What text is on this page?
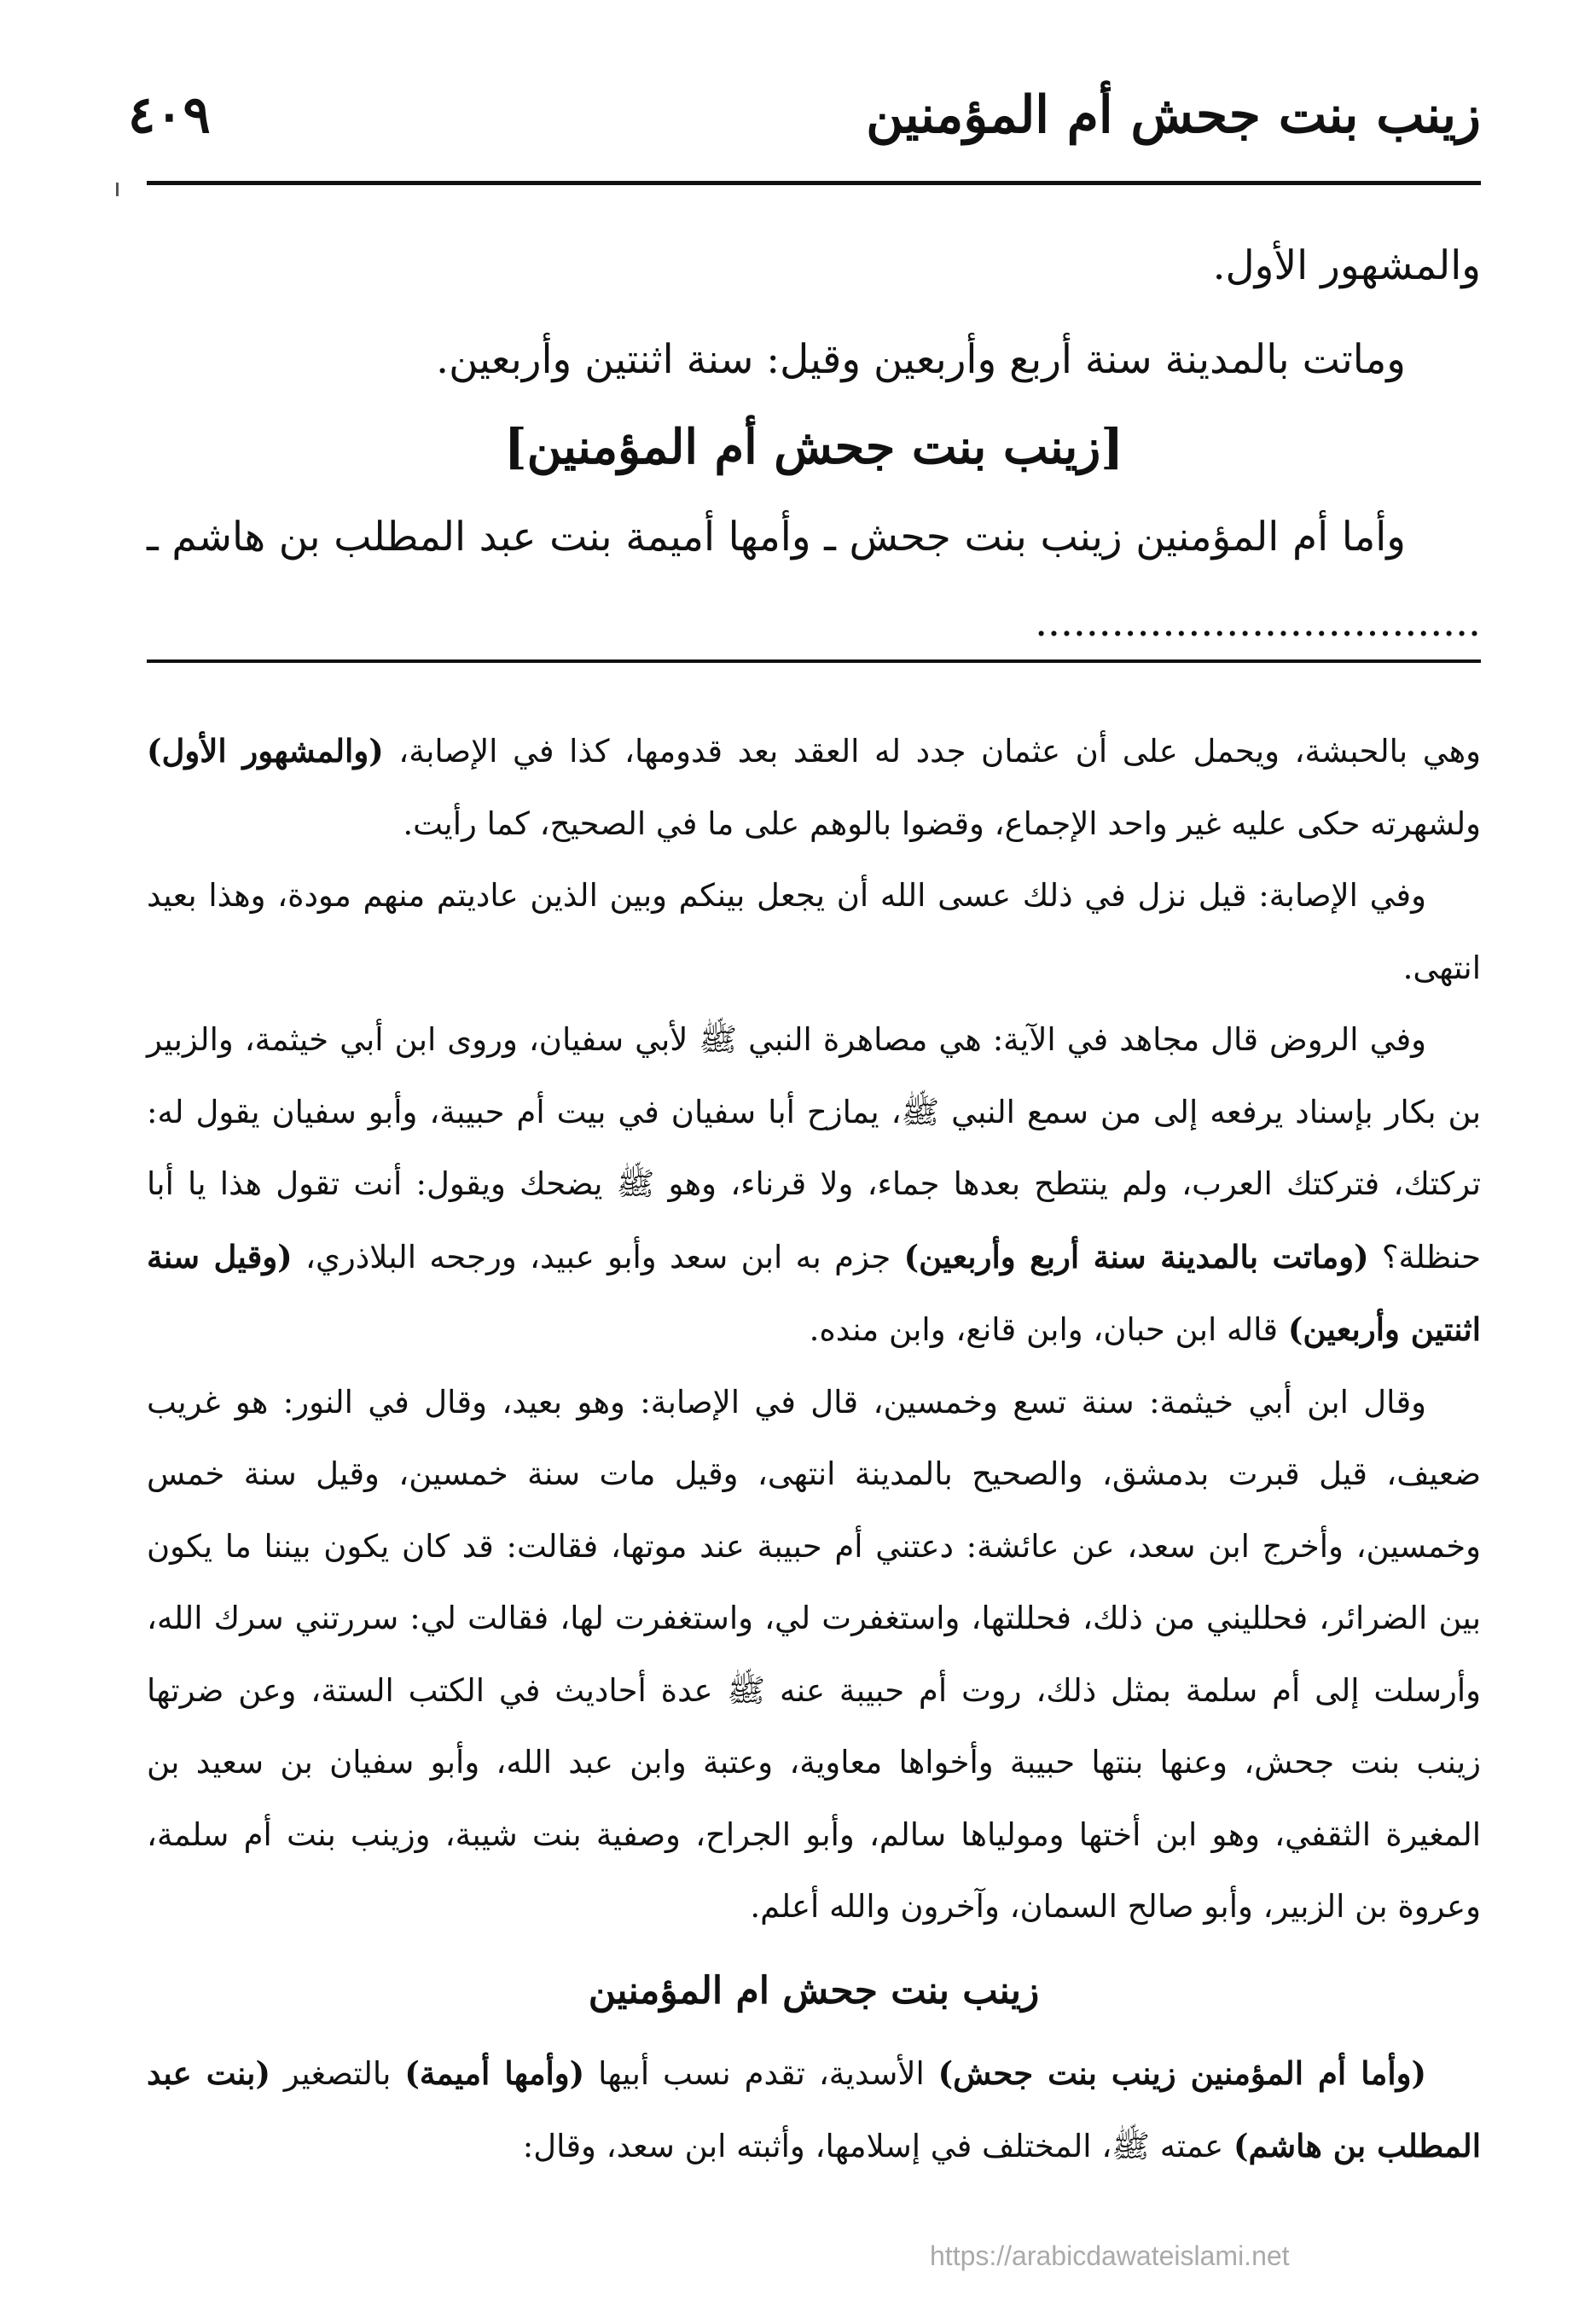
زينب بنت جحش أم المؤمنين
٤٠٩

والمشهور الأول.

وماتت بالمدينة سنة أربع وأربعين وقيل: سنة اثنتين وأربعين.

[زينب بنت جحش أم المؤمنين]

وأما أم المؤمنين زينب بنت جحش ـ وأمها أميمة بنت عبد المطلب بن هاشم ـ ...................................

وهي بالحبشة، ويحمل على أن عثمان جدد له العقد بعد قدومها، كذا في الإصابة، (والمشهور الأول) ولشهرته حكى عليه غير واحد الإجماع، وقضوا بالوهم على ما في الصحيح، كما رأيت.

وفي الإصابة: قيل نزل في ذلك عسى الله أن يجعل بينكم وبين الذين عاديتم منهم مودة، وهذا بعيد انتهى.

وفي الروض قال مجاهد في الآية: هي مصاهرة النبي ﷺ لأبي سفيان، وروى ابن أبي خيثمة، والزبير بن بكار بإسناد يرفعه إلى من سمع النبي ﷺ، يمازح أبا سفيان في بيت أم حبيبة، وأبو سفيان يقول له: تركتك، فتركتك العرب، ولم ينتطح بعدها جماء، ولا قرناء، وهو ﷺ يضحك ويقول: أنت تقول هذا يا أبا حنظلة؟ (وماتت بالمدينة سنة أربع وأربعين) جزم به ابن سعد وأبو عبيد، ورجحه البلاذري، (وقيل سنة اثنتين وأربعين) قاله ابن حبان، وابن قانع، وابن منده.

وقال ابن أبي خيثمة: سنة تسع وخمسين، قال في الإصابة: وهو بعيد، وقال في النور: هو غريب ضعيف، قيل قبرت بدمشق، والصحيح بالمدينة انتهى، وقيل مات سنة خمسين، وقيل سنة خمس وخمسين، وأخرج ابن سعد، عن عائشة: دعتني أم حبيبة عند موتها، فقالت: قد كان يكون بيننا ما يكون بين الضرائر، فحلليني من ذلك، فحللتها، واستغفرت لي، واستغفرت لها، فقالت لي: سررتني سرك الله، وأرسلت إلى أم سلمة بمثل ذلك، روت أم حبيبة عنه ﷺ عدة أحاديث في الكتب الستة، وعن ضرتها زينب بنت جحش، وعنها بنتها حبيبة وأخواها معاوية، وعتبة وابن عبد الله، وأبو سفيان بن سعيد بن المغيرة الثقفي، وهو ابن أختها ومولياها سالم، وأبو الجراح، وصفية بنت شيبة، وزينب بنت أم سلمة، وعروة بن الزبير، وأبو صالح السمان، وآخرون والله أعلم.

زينب بنت جحش ام المؤمنين

(وأما أم المؤمنين زينب بنت جحش) الأسدية، تقدم نسب أبيها (وأمها أميمة) بالتصغير (بنت عبد المطلب بن هاشم) عمته ﷺ، المختلف في إسلامها، وأثبته ابن سعد، وقال:

https://arabicdawateislami.net
